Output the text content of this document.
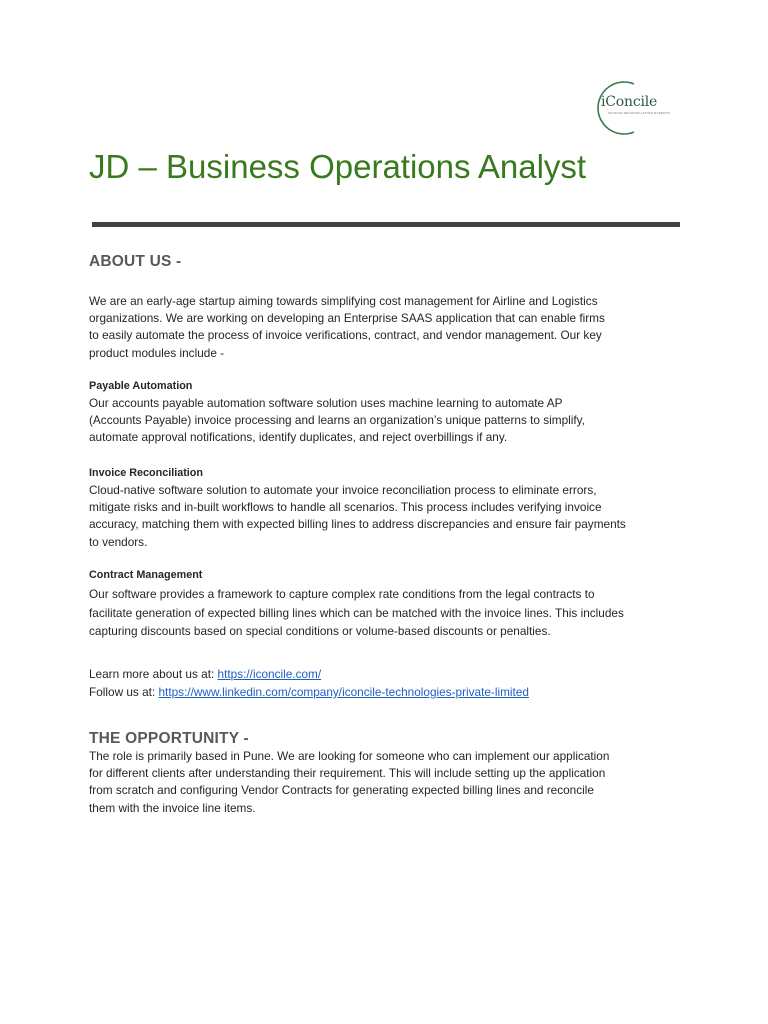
iConcile
INVOICE RECONCILIATION EXPERTS
JD – Business Operations Analyst
ABOUT US -

We are an early-age startup aiming towards simplifying cost management for Airline and Logistics
organizations. We are working on developing an Enterprise SAAS application that can enable firms
to easily automate the process of invoice verifications, contract, and vendor management. Our key
product modules include -

Payable Automation

Our accounts payable automation software solution uses machine learning to automate AP
(Accounts Payable) invoice processing and learns an organization’s unique patterns to simplify,
automate approval notifications, identify duplicates, and reject overbillings if any.

Invoice Reconciliation

Cloud-native software solution to automate your invoice reconciliation process to eliminate errors,
mitigate risks and in-built workflows to handle all scenarios. This process includes verifying invoice
accuracy, matching them with expected billing lines to address discrepancies and ensure fair payments
to vendors.

Contract Management

Our software provides a framework to capture complex rate conditions from the legal contracts to
facilitate generation of expected billing lines which can be matched with the invoice lines. This includes
capturing discounts based on special conditions or volume-based discounts or penalties.

Learn more about us at: https://iconcile.com/

Follow us at: https://www.linkedin.com/company/iconcile-technologies-private-limited

THE OPPORTUNITY -

The role is primarily based in Pune. We are looking for someone who can implement our application
for different clients after understanding their requirement. This will include setting up the application
from scratch and configuring Vendor Contracts for generating expected billing lines and reconcile
them with the invoice line items.
